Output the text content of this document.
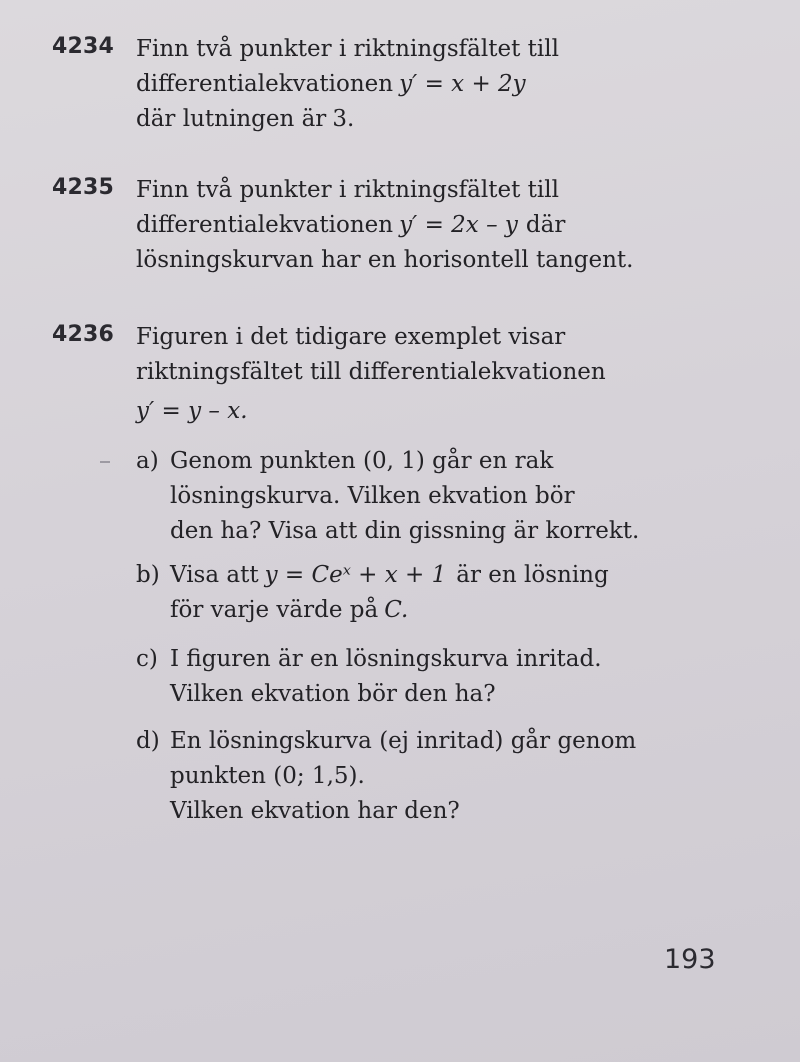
4234 Finn två punkter i riktningsfältet till
differentialekvationen y′ = x + 2y
där lutningen är 3.
4235 Finn två punkter i riktningsfältet till
differentialekvationen y′ = 2x – y där
lösningskurvan har en horisontell tangent.
4236 Figuren i det tidigare exemplet visar
riktningsfältet till differentialekvationen
y′ = y – x.
a) Genom punkten (0, 1) går en rak
lösningskurva. Vilken ekvation bör
den ha? Visa att din gissning är korrekt.
b) Visa att y = Ceˣ + x + 1 är en lösning
för varje värde på C.
c) I figuren är en lösningskurva inritad.
Vilken ekvation bör den ha?
d) En lösningskurva (ej inritad) går genom
punkten (0; 1,5).
Vilken ekvation har den?
193
